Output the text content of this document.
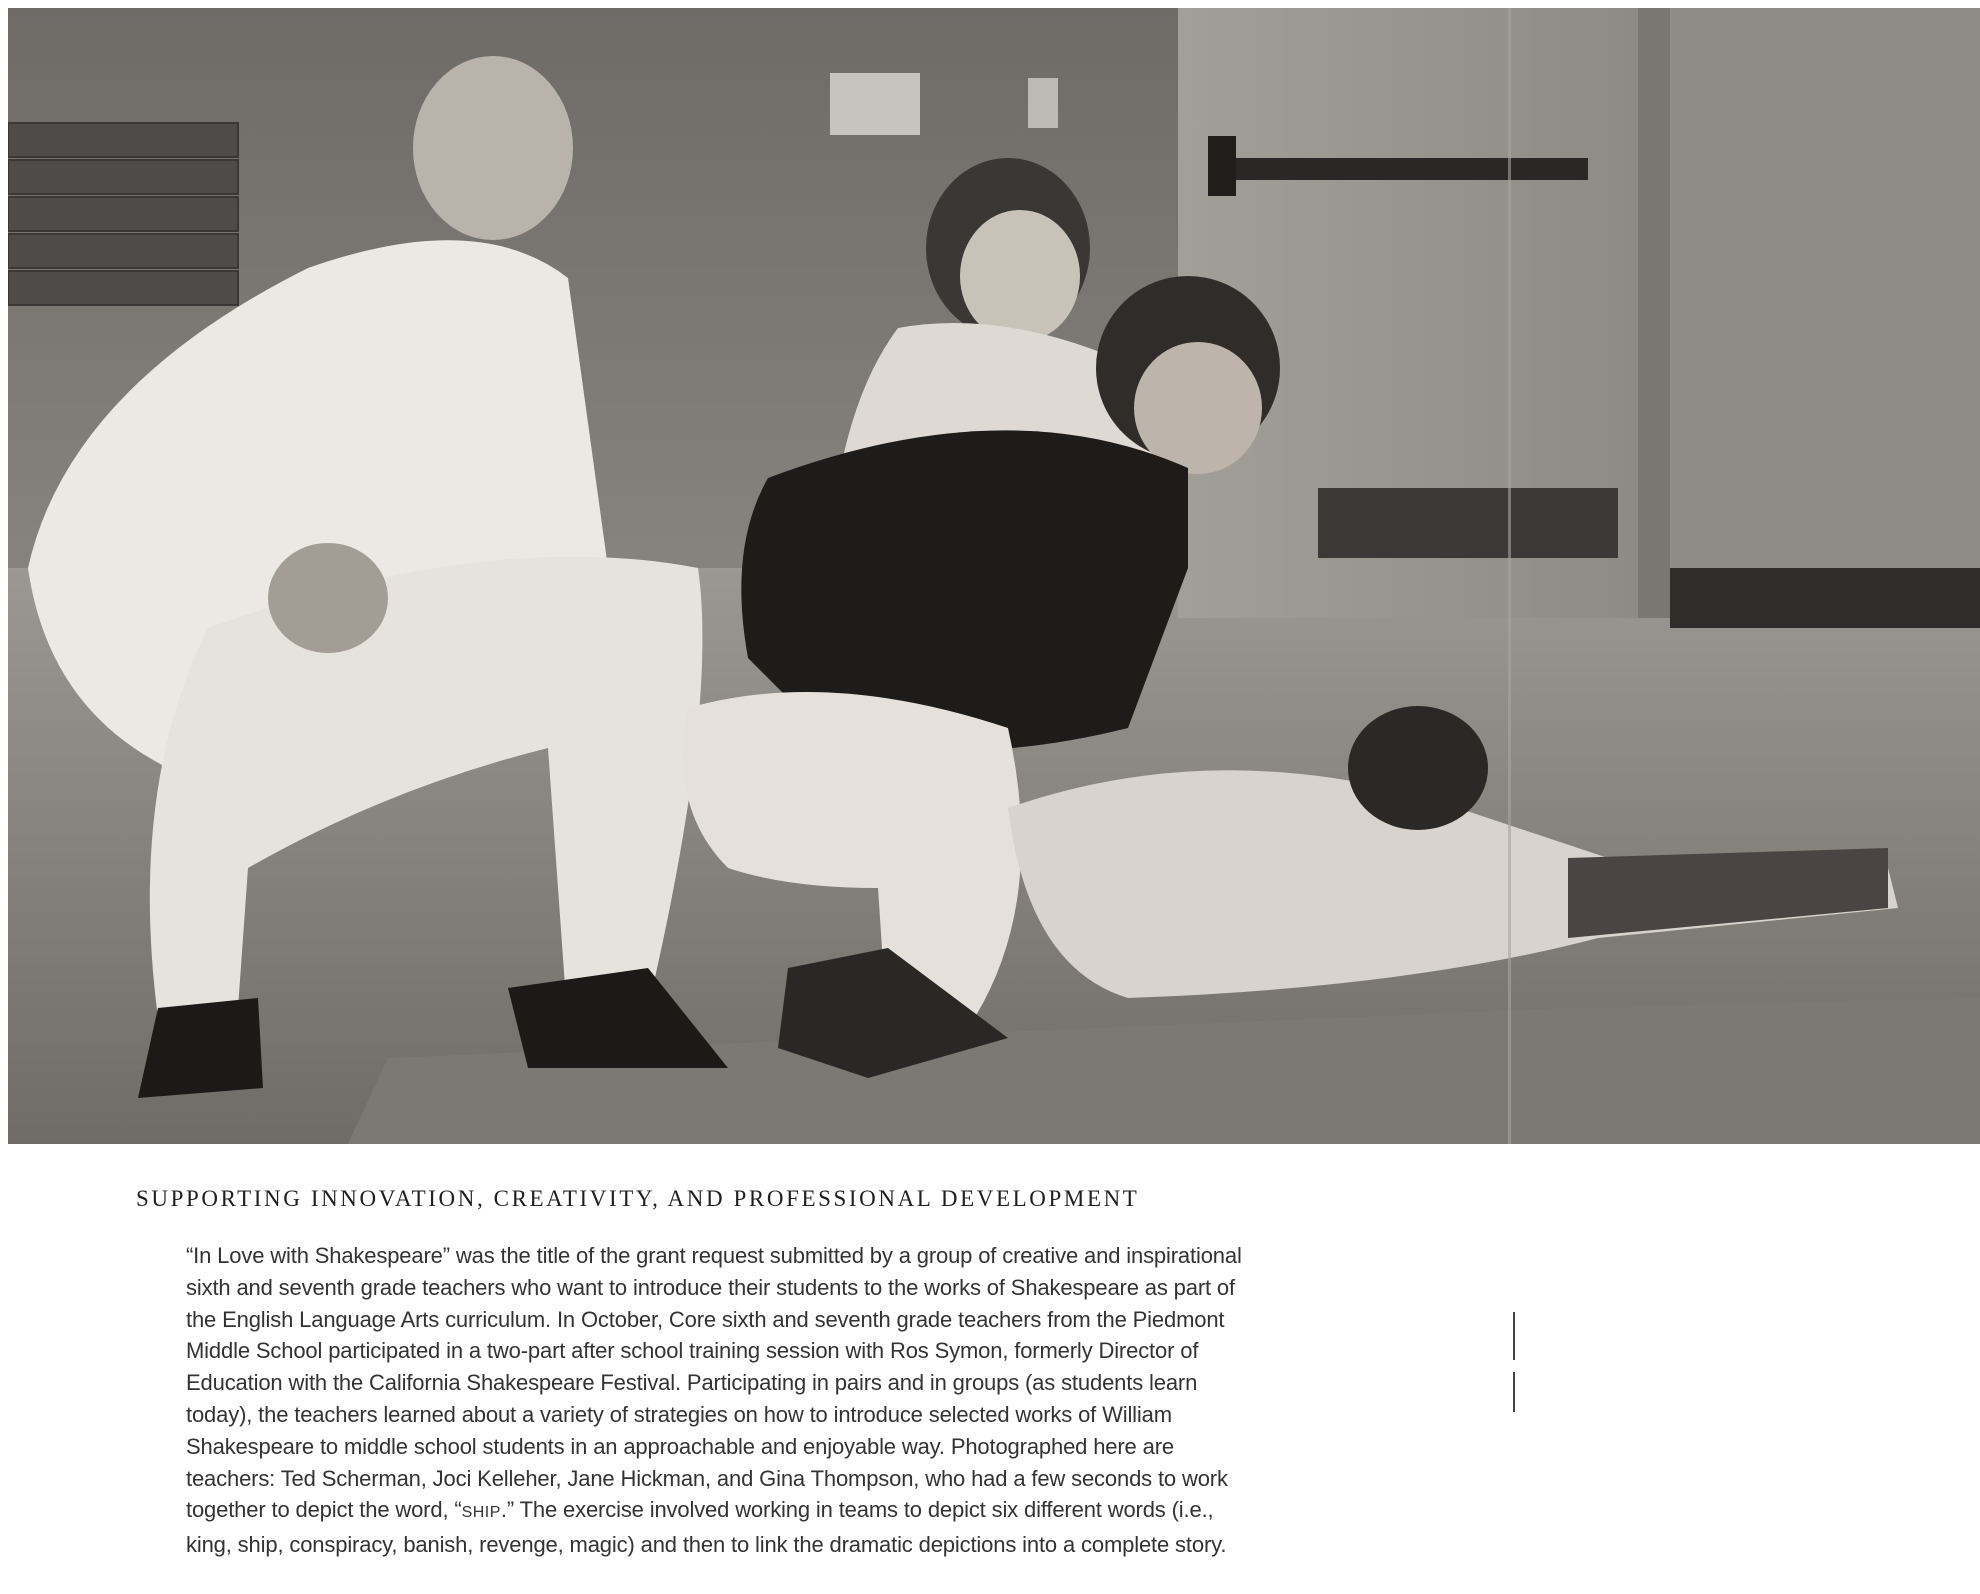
SUPPORTING INNOVATION, CREATIVITY, AND PROFESSIONAL DEVELOPMENT
“In Love with Shakespeare” was the title of the grant request submitted by a group of creative and inspirational
sixth and seventh grade teachers who want to introduce their students to the works of Shakespeare as part of
the English Language Arts curriculum. In October, Core sixth and seventh grade teachers from the Piedmont
Middle School participated in a two-part after school training session with Ros Symon, formerly Director of
Education with the California Shakespeare Festival. Participating in pairs and in groups (as students learn
today), the teachers learned about a variety of strategies on how to introduce selected works of William
Shakespeare to middle school students in an approachable and enjoyable way. Photographed here are
teachers: Ted Scherman, Joci Kelleher, Jane Hickman, and Gina Thompson, who had a few seconds to work
together to depict the word, “SHIP.” The exercise involved working in teams to depict six different words (i.e.,
king, ship, conspiracy, banish, revenge, magic) and then to link the dramatic depictions into a complete story.
